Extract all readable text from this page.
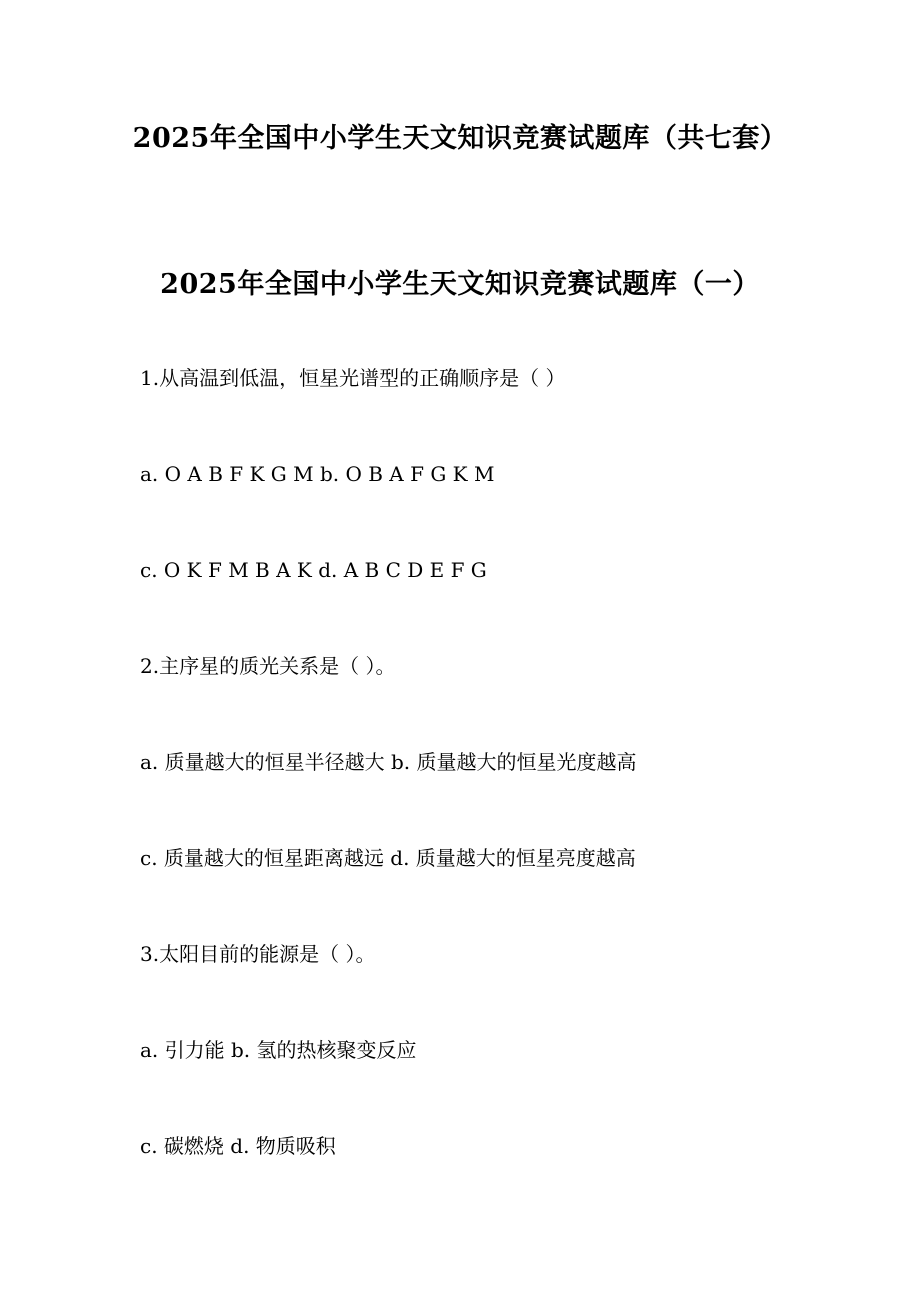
2025年全国中小学生天文知识竞赛试题库（共七套）
2025年全国中小学生天文知识竞赛试题库（一）
1.从高温到低温，恒星光谱型的正确顺序是（ ）
a. O A B F K G M b. O B A F G K M
c. O K F M B A K d. A B C D E F G
2.主序星的质光关系是（ ）。
a. 质量越大的恒星半径越大 b. 质量越大的恒星光度越高
c. 质量越大的恒星距离越远 d. 质量越大的恒星亮度越高
3.太阳目前的能源是（ ）。
a. 引力能 b. 氢的热核聚变反应
c. 碳燃烧 d. 物质吸积
